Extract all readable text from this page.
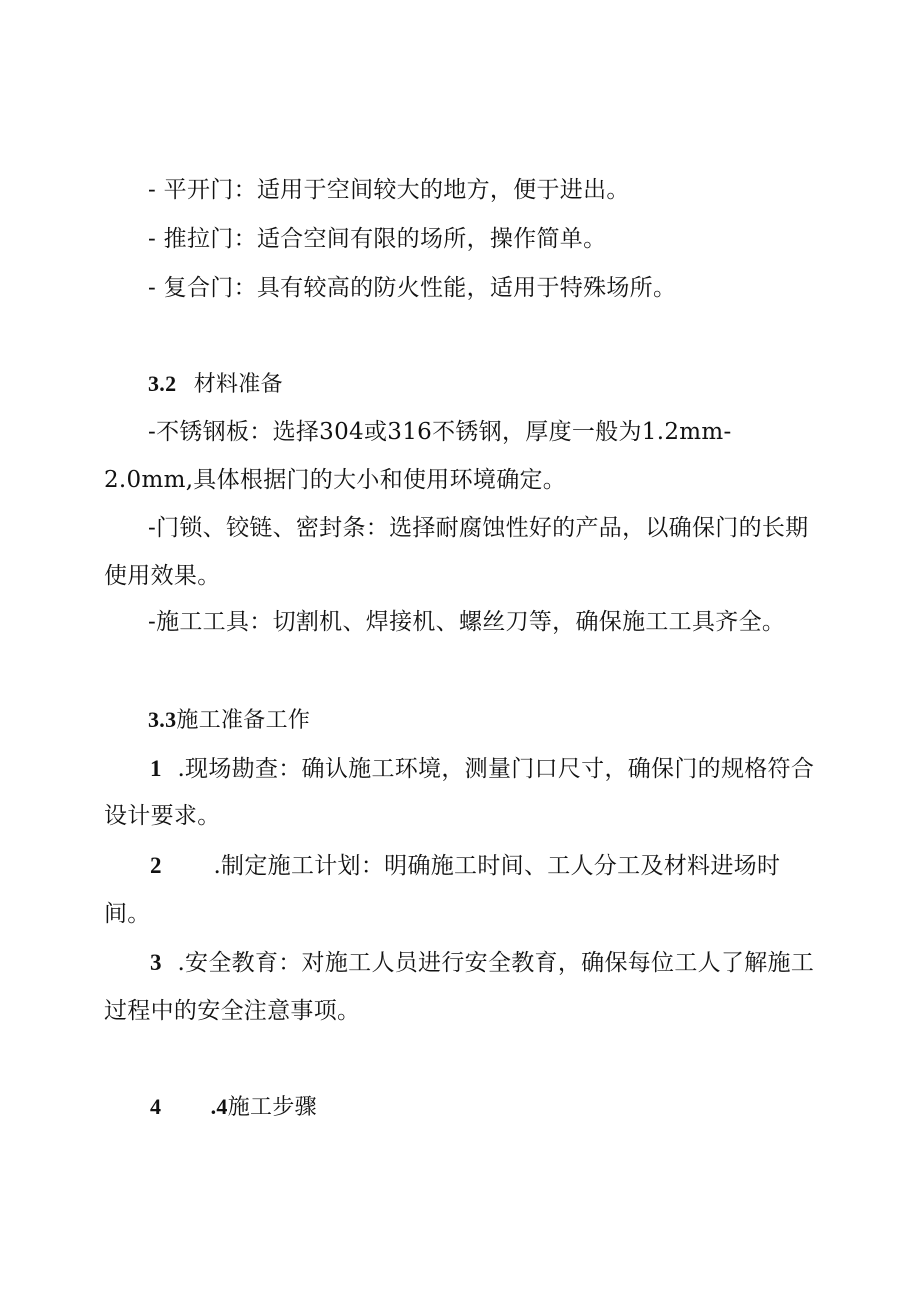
- 平开门：适用于空间较大的地方，便于进出。
- 推拉门：适合空间有限的场所，操作简单。
- 复合门：具有较高的防火性能，适用于特殊场所。
3.2 材料准备
-不锈钢板：选择304或316不锈钢，厚度一般为1.2mm-
2.0mm,具体根据门的大小和使用环境确定。
-门锁、铰链、密封条：选择耐腐蚀性好的产品，以确保门的长期
使用效果。
-施工工具：切割机、焊接机、螺丝刀等，确保施工工具齐全。
3.3施工准备工作
1 .现场勘查：确认施工环境，测量门口尺寸，确保门的规格符合
设计要求。
2 .制定施工计划：明确施工时间、工人分工及材料进场时
间。
3 .安全教育：对施工人员进行安全教育，确保每位工人了解施工
过程中的安全注意事项。
4 .4施工步骤
